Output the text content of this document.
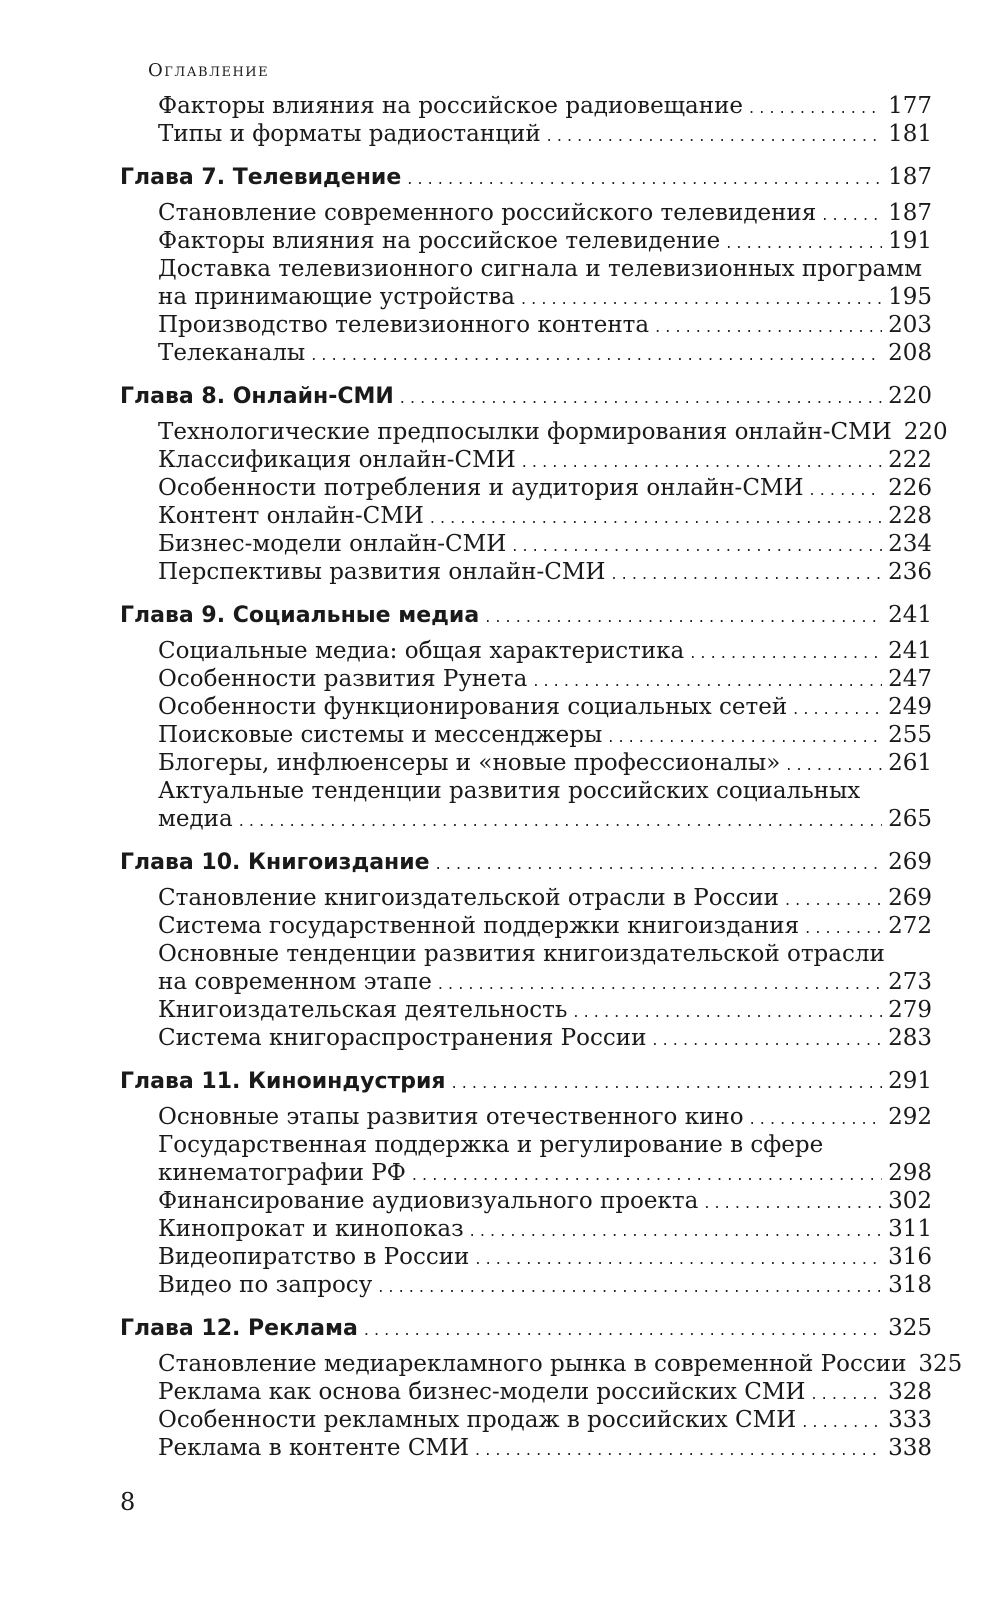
Оглавление
Факторы влияния на российское радиовещание . . .	177
Типы и форматы радиостанций . . .	181
Глава 7. Телевидение . . .	187
Становление современного российского телевидения . . .	187
Факторы влияния на российское телевидение . . .	191
Доставка телевизионного сигнала и телевизионных программ
на принимающие устройства . . .	195
Производство телевизионного контента . . .	203
Телеканалы . . .	208
Глава 8. Онлайн-СМИ . . .	220
Технологические предпосылки формирования онлайн-СМИ 220
Классификация онлайн-СМИ . . .	222
Особенности потребления и аудитория онлайн-СМИ . . .	226
Контент онлайн-СМИ . . .	228
Бизнес-модели онлайн-СМИ . . .	234
Перспективы развития онлайн-СМИ . . .	236
Глава 9. Социальные медиа . . .	241
Социальные медиа: общая характеристика . . .	241
Особенности развития Рунета . . .	247
Особенности функционирования социальных сетей . . .	249
Поисковые системы и мессенджеры . . .	255
Блогеры, инфлюенсеры и «новые профессионалы» . . .	261
Актуальные тенденции развития российских социальных
медиа . . .	265
Глава 10. Книгоиздание . . .	269
Становление книгоиздательской отрасли в России . . .	269
Система государственной поддержки книгоиздания . . .	272
Основные тенденции развития книгоиздательской отрасли
на современном этапе . . .	273
Книгоиздательская деятельность . . .	279
Система книгораспространения России . . .	283
Глава 11. Киноиндустрия . . .	291
Основные этапы развития отечественного кино . . .	292
Государственная поддержка и регулирование в сфере
кинематографии РФ . . .	298
Финансирование аудиовизуального проекта . . .	302
Кинопрокат и кинопоказ . . .	311
Видеопиратство в России . . .	316
Видео по запросу . . .	318
Глава 12. Реклама . . .	325
Становление медиарекламного рынка в современной России 325
Реклама как основа бизнес-модели российских СМИ . . .	328
Особенности рекламных продаж в российских СМИ . . .	333
Реклама в контенте СМИ . . .	338
8
